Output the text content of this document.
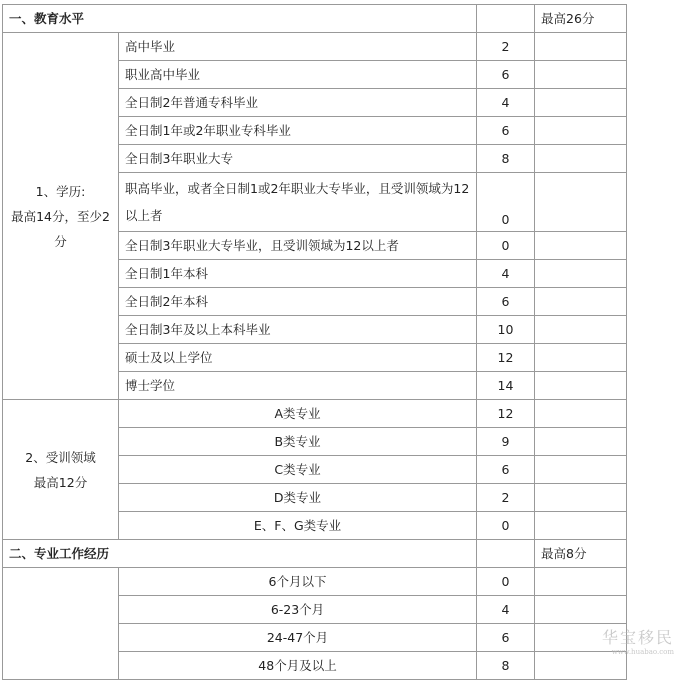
一、教育水平			最高26分

1、学历:
最高14分，至少2
分	高中毕业	2	
	职业高中毕业	6	
	全日制2年普通专科毕业	4	
	全日制1年或2年职业专科毕业	6	
	全日制3年职业大专	8	
	职高毕业，或者全日制1或2年职业大专毕业，且受训领域为12以上者	0	
	全日制3年职业大专毕业，且受训领域为12以上者	0	
	全日制1年本科	4	
	全日制2年本科	6	
	全日制3年及以上本科毕业	10	
	硕士及以上学位	12	
	博士学位	14	

2、受训领域
最高12分	A类专业	12	
	B类专业	9	
	C类专业	6	
	D类专业	2	
	E、F、G类专业	0	
二、专业工作经历			最高8分
	6个月以下	0	
	6-23个月	4	
	24-47个月	6	
	48个月及以上	8	
华宝移民
www.huabao.com
